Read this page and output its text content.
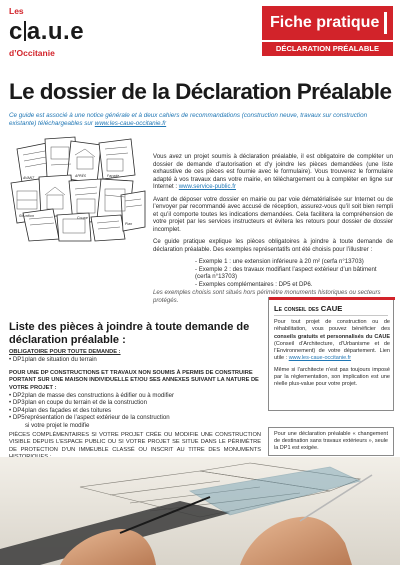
Les
c a.u.e
d’Occitanie
Fiche pratique
DÉCLARATION PRÉALABLE
Le dossier de la Déclaration Préalable
Ce guide est associé à une notice générale et à deux cahiers de recommandations (construction neuve, travaux sur construction existante) téléchargeables sur www.les-caue-occitanie.fr
AVANT	APRÈS	Façade
Situation	Coupe
Plan

Vous avez un projet soumis à déclaration préalable, il est obligatoire de compléter un dossier de demande d’autorisation et d’y joindre les pièces demandées (une liste exhaustive de ces pièces est fournie avec le formulaire). Vous trouverez le formulaire adapté à vos travaux dans votre mairie, en téléchargement ou à compléter en ligne sur Internet : www.service-public.fr

Avant de déposer votre dossier en mairie ou par voie dématérialisée sur Internet ou de l’envoyer par recommandé avec accusé de réception, assurez-vous qu’il soit bien rempli et qu’il comporte toutes les indications demandées. Cela facilitera la compréhension de votre projet par les services instructeurs et évitera les retours pour dossier de dossier incomplet.

Ce guide pratique explique les pièces obligatoires à joindre à toute demande de déclaration préalable. Des exemples représentatifs ont été choisis pour l’illustrer :

- Exemple 1 : une extension inférieure à 20 m² (cerfa n°13703)

- Exemple 2 : des travaux modifiant l’aspect extérieur d’un bâtiment (cerfa n°13703)

- Exemples complémentaires : DP5 et DP6.

Les exemples choisis sont situés hors périmètre monuments historiques ou secteurs protégés.

Liste des pièces à joindre à toute demande de déclaration préalable :
OBLIGATOIRE POUR TOUTE DEMANDE :
• DP1 plan de situation du terrain
POUR UNE DP CONSTRUCTIONS ET TRAVAUX NON SOUMIS À PERMIS DE CONSTRUIRE PORTANT SUR UNE MAISON INDIVIDUELLE ET/OU SES ANNEXES SUIVANT LA NATURE DE VOTRE PROJET :
• DP2 plan de masse des constructions à édifier ou à modifier
• DP3 plan en coupe du terrain et de la construction
• DP4 plan des façades et des toitures
• DP5 représentation de l’aspect extérieur de la construction
si votre projet le modifie
PIÈCES COMPLÉMENTAIRES SI VOTRE PROJET CRÉE OU MODIFIE UNE CONSTRUCTION VISIBLE DEPUIS L’ESPACE PUBLIC OU SI VOTRE PROJET SE SITUE DANS LE PÉRIMÈTRE DE PROTECTION D’UN IMMEUBLE CLASSÉ OU INSCRIT AU TITRE DES MONUMENTS
Le conseil des CAUE

Pour tout projet de construction ou de réhabilitation, vous pouvez bénéficier des conseils gratuits et personnalisés du CAUE (Conseil d’Architecture, d’Urbanisme et de l’Environnement) de votre département. Lien utile : www.les-caue-occitanie.fr

Même si l’architecte n’est pas toujours imposé par la réglementation, son implication est une réelle plus-value pour votre projet.

Pour une déclaration préalable « changement de destination sans travaux extérieurs », seule la DP1 est exigée.
